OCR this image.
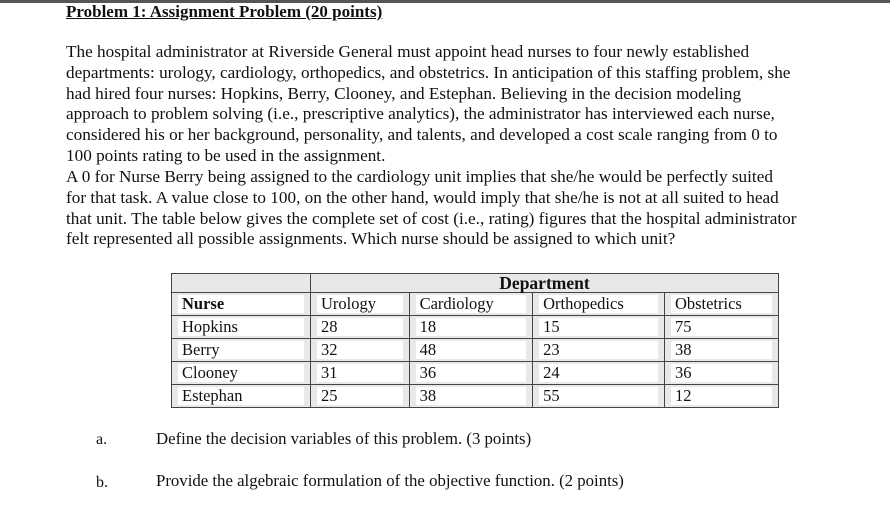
Problem 1: Assignment Problem (20 points)
The hospital administrator at Riverside General must appoint head nurses to four newly established
departments: urology, cardiology, orthopedics, and obstetrics. In anticipation of this staffing problem, she
had hired four nurses: Hopkins, Berry, Clooney, and Estephan. Believing in the decision modeling
approach to problem solving (i.e., prescriptive analytics), the administrator has interviewed each nurse,
considered his or her background, personality, and talents, and developed a cost scale ranging from 0 to
100 points rating to be used in the assignment.
A 0 for Nurse Berry being assigned to the cardiology unit implies that she/he would be perfectly suited
for that task. A value close to 100, on the other hand, would imply that she/he is not at all suited to head
that unit. The table below gives the complete set of cost (i.e., rating) figures that the hospital administrator
felt represented all possible assignments. Which nurse should be assigned to which unit?
	Department			

Nurse	Urology	Cardiology	Orthopedics	Obstetrics

Hopkins	28	18	15	75

Berry	32	48	23	38

Clooney	31	36	24	36

Estephan	25	38	55	12
a.	Define the decision variables of this problem. (3 points)
b.	Provide the algebraic formulation of the objective function. (2 points)
